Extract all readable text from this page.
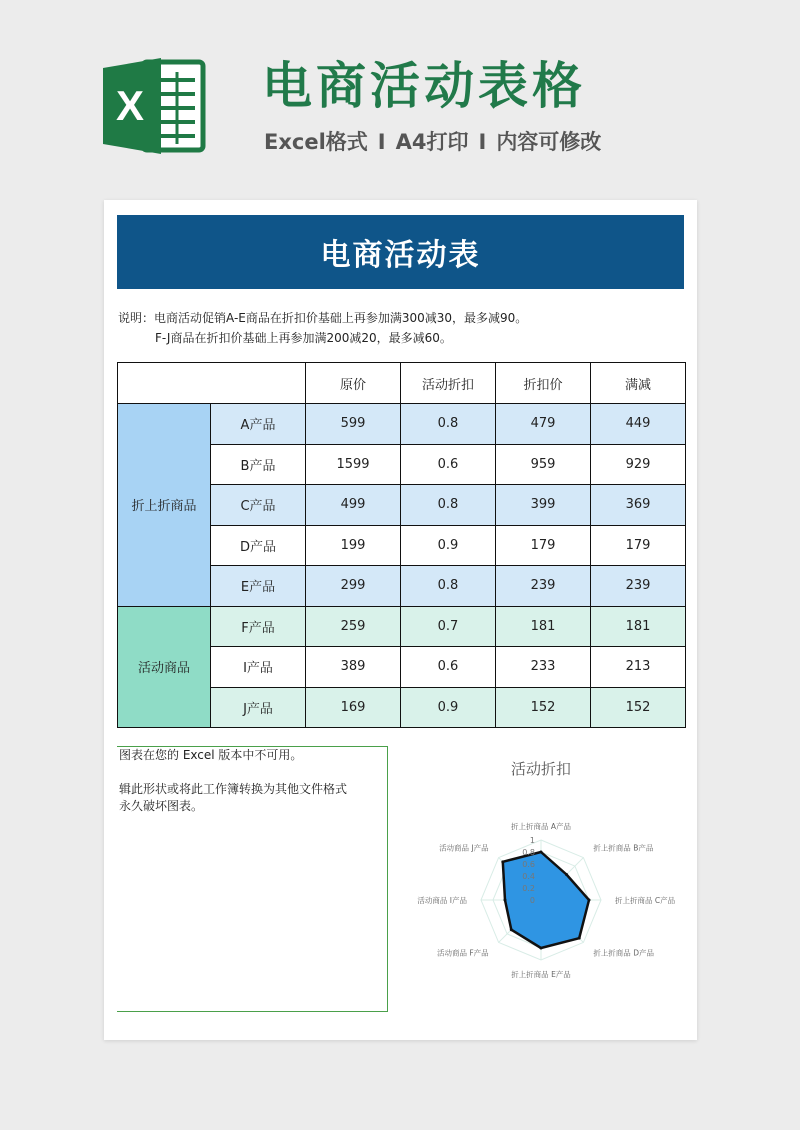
X 电商活动表格
Excel格式 I A4打印 I 内容可修改
电商活动表
说明：电商活动促销A-E商品在折扣价基础上再参加满300减30，最多减90。
F-J商品在折扣价基础上再参加满200减20，最多减60。
		原价	活动折扣	折扣价	满减
折上折商品	A产品	599	0.8	479	449
	B产品	1599	0.6	959	929
	C产品	499	0.8	399	369
	D产品	199	0.9	179	179
	E产品	299	0.8	239	239
活动商品	F产品	259	0.7	181	181
	I产品	389	0.6	233	213
	J产品	169	0.9	152	152

图表在您的 Excel 版本中不可用。

辑此形状或将此工作簿转换为其他文件格式

永久破坏图表。

活动折扣
0
0.2
0.4
0.6
0.8
1
折上折商品 A产品
折上折商品 B产品
折上折商品 C产品
折上折商品 D产品
折上折商品 E产品
活动商品 F产品
活动商品 I产品
活动商品 J产品
